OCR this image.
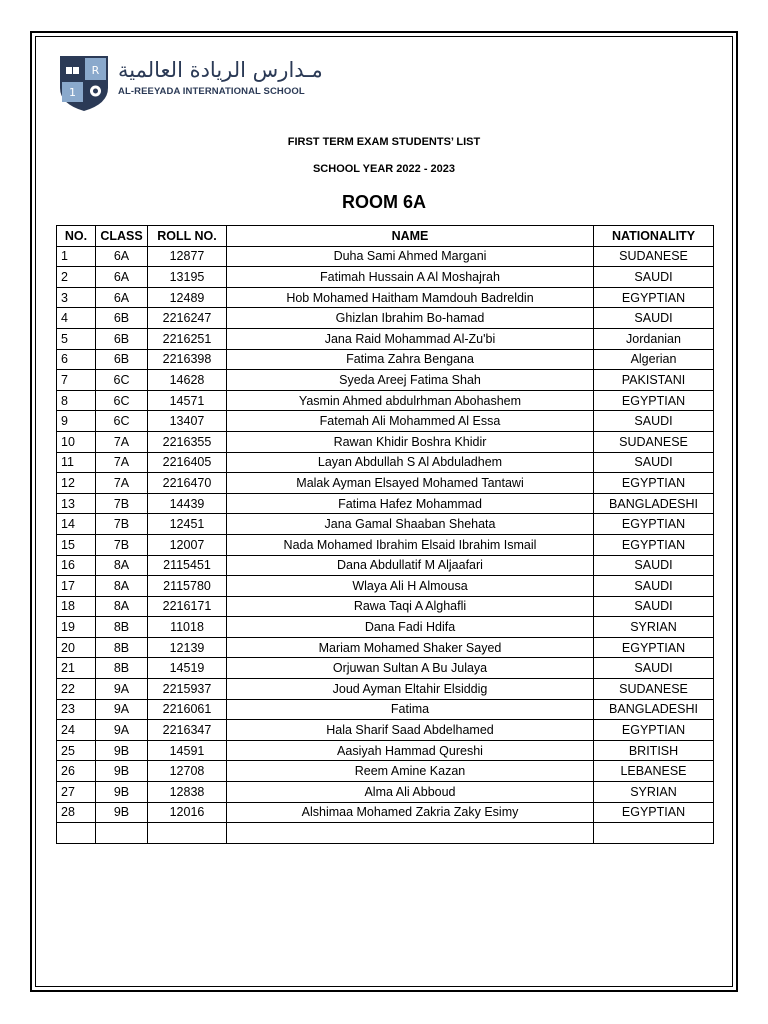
R
1
مـدارس الريادة العالمية
AL-REEYADA INTERNATIONAL SCHOOL
FIRST TERM EXAM STUDENTS’ LIST
SCHOOL YEAR 2022 - 2023
ROOM 6A
NO.	CLASS	ROLL NO.	NAME	NATIONALITY
1	6A	12877	Duha Sami Ahmed Margani	SUDANESE
2	6A	13195	Fatimah Hussain A Al Moshajrah	SAUDI
3	6A	12489	Hob Mohamed Haitham Mamdouh Badreldin	EGYPTIAN
4	6B	2216247	Ghizlan Ibrahim Bo-hamad	SAUDI
5	6B	2216251	Jana Raid Mohammad Al-Zu'bi	Jordanian
6	6B	2216398	Fatima Zahra Bengana	Algerian
7	6C	14628	Syeda Areej Fatima Shah	PAKISTANI
8	6C	14571	Yasmin Ahmed abdulrhman Abohashem	EGYPTIAN
9	6C	13407	Fatemah Ali Mohammed Al Essa	SAUDI
10	7A	2216355	Rawan Khidir Boshra Khidir	SUDANESE
11	7A	2216405	Layan Abdullah S Al Abduladhem	SAUDI
12	7A	2216470	Malak Ayman Elsayed Mohamed Tantawi	EGYPTIAN
13	7B	14439	Fatima Hafez Mohammad	BANGLADESHI
14	7B	12451	Jana Gamal Shaaban Shehata	EGYPTIAN
15	7B	12007	Nada Mohamed Ibrahim Elsaid Ibrahim Ismail	EGYPTIAN
16	8A	2115451	Dana Abdullatif M Aljaafari	SAUDI
17	8A	2115780	Wlaya Ali H Almousa	SAUDI
18	8A	2216171	Rawa Taqi A Alghafli	SAUDI
19	8B	11018	Dana Fadi Hdifa	SYRIAN
20	8B	12139	Mariam Mohamed Shaker Sayed	EGYPTIAN
21	8B	14519	Orjuwan Sultan A Bu Julaya	SAUDI
22	9A	2215937	Joud Ayman Eltahir Elsiddig	SUDANESE
23	9A	2216061	Fatima	BANGLADESHI
24	9A	2216347	Hala Sharif Saad Abdelhamed	EGYPTIAN
25	9B	14591	Aasiyah Hammad Qureshi	BRITISH
26	9B	12708	Reem Amine Kazan	LEBANESE
27	9B	12838	Alma Ali Abboud	SYRIAN
28	9B	12016	Alshimaa Mohamed Zakria Zaky Esimy	EGYPTIAN
